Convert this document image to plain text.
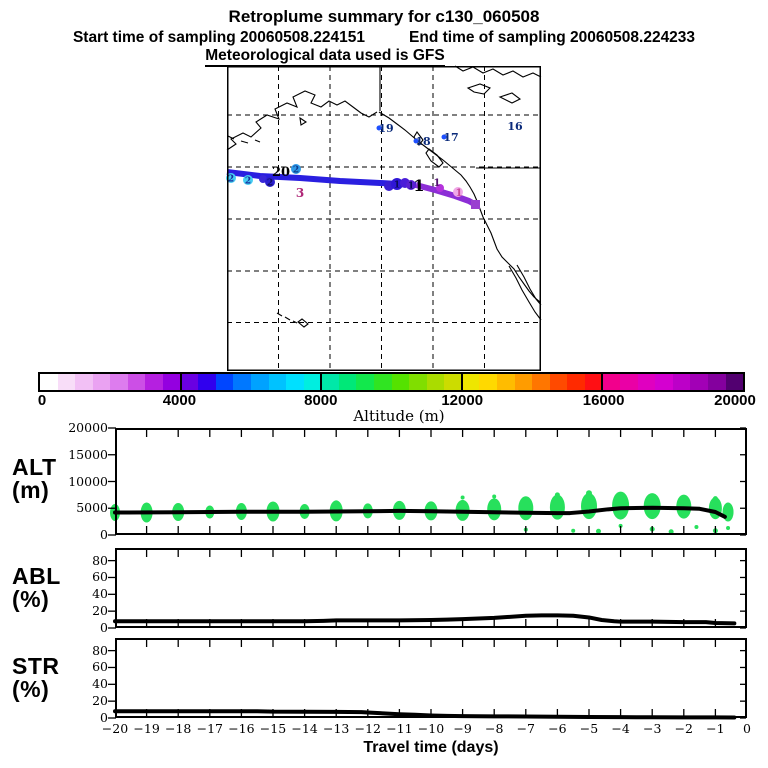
Retroplume summary for c130_060508
Start time of sampling 20060508.224151	End time of sampling 20060508.224233
Meteorological data used is GFS
2 2 2
2
1 1
20
3	1 1
1
19
18 17
16
0	4000	8000	12000	16000	20000
Altitude (m)
ALT
(m)
ABL
(%)
STR
(%)
0
5000
10000
15000
20000
0
20
40
60
80
0
20
40
60
80
−20 −19 −18 −17 −16 −15 −14 −13 −12 −11 −10 −9 −8 −7 −6 −5 −4 −3 −2 −1 0
Travel time (days)
